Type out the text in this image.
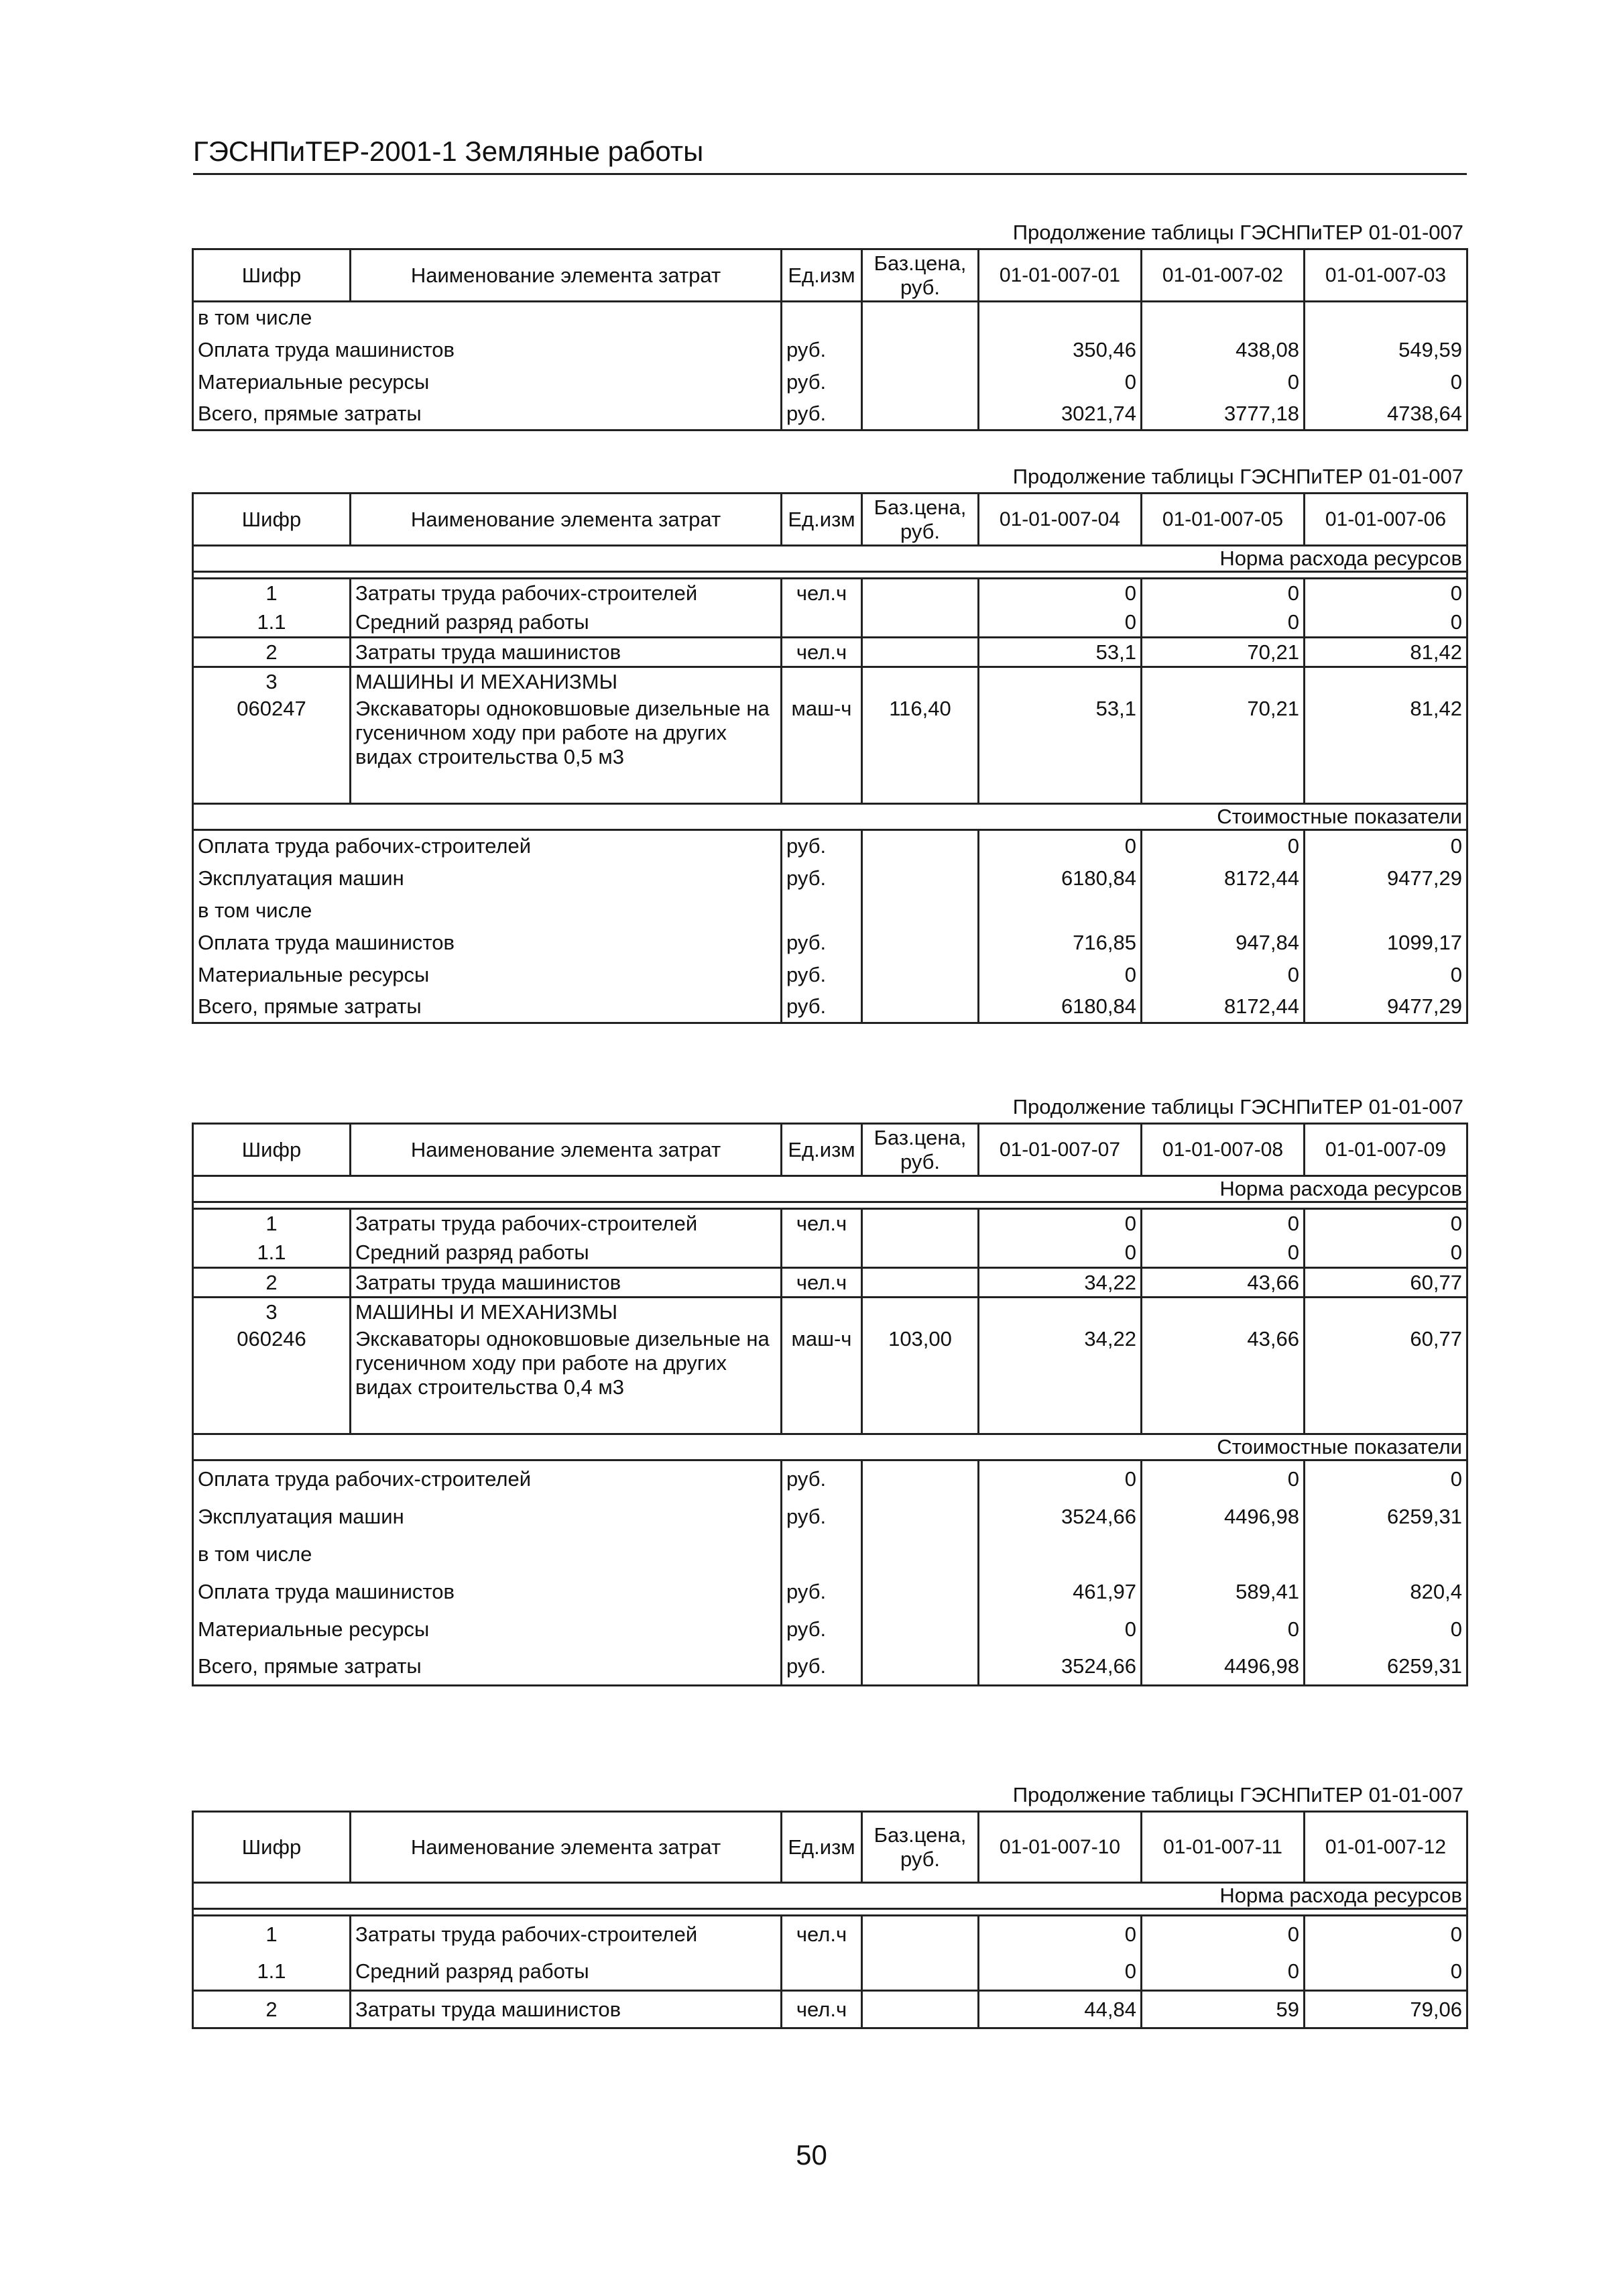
ГЭСНПиТЕР-2001-1 Земляные работы
Продолжение таблицы ГЭСНПиТЕР 01-01-007
Шифр	Наименование элемента затрат	Ед.изм	Баз.цена, руб.	01-01-007-01	01-01-007-02	01-01-007-03
в том числе						
Оплата труда машинистов		руб.		350,46	438,08	549,59
Материальные ресурсы		руб.		0	0	0
Всего, прямые затраты		руб.		3021,74	3777,18	4738,64
Продолжение таблицы ГЭСНПиТЕР 01-01-007
Шифр	Наименование элемента затрат	Ед.изм	Баз.цена, руб.	01-01-007-04	01-01-007-05	01-01-007-06
Норма расхода ресурсов						

1	Затраты труда рабочих-строителей	чел.ч		0	0	0
1.1	Средний разряд работы			0	0	0
2	Затраты труда машинистов	чел.ч		53,1	70,21	81,42
3	МАШИНЫ И МЕХАНИЗМЫ					
060247	Экскаваторы одноковшовые дизельные на гусеничном ходу при работе на других видах строительства 0,5 м3	маш-ч	116,40	53,1	70,21	81,42
Стоимостные показатели						
Оплата труда рабочих-строителей		руб.		0	0	0
Эксплуатация машин		руб.		6180,84	8172,44	9477,29
в том числе						
Оплата труда машинистов		руб.		716,85	947,84	1099,17
Материальные ресурсы		руб.		0	0	0
Всего, прямые затраты		руб.		6180,84	8172,44	9477,29
Продолжение таблицы ГЭСНПиТЕР 01-01-007
Шифр	Наименование элемента затрат	Ед.изм	Баз.цена, руб.	01-01-007-07	01-01-007-08	01-01-007-09
Норма расхода ресурсов						

1	Затраты труда рабочих-строителей	чел.ч		0	0	0
1.1	Средний разряд работы			0	0	0
2	Затраты труда машинистов	чел.ч		34,22	43,66	60,77
3	МАШИНЫ И МЕХАНИЗМЫ					
060246	Экскаваторы одноковшовые дизельные на гусеничном ходу при работе на других видах строительства 0,4 м3	маш-ч	103,00	34,22	43,66	60,77
Стоимостные показатели						
Оплата труда рабочих-строителей		руб.		0	0	0
Эксплуатация машин		руб.		3524,66	4496,98	6259,31
в том числе						
Оплата труда машинистов		руб.		461,97	589,41	820,4
Материальные ресурсы		руб.		0	0	0
Всего, прямые затраты		руб.		3524,66	4496,98	6259,31
Продолжение таблицы ГЭСНПиТЕР 01-01-007
Шифр	Наименование элемента затрат	Ед.изм	Баз.цена, руб.	01-01-007-10	01-01-007-11	01-01-007-12
Норма расхода ресурсов						

1	Затраты труда рабочих-строителей	чел.ч		0	0	0
1.1	Средний разряд работы			0	0	0
2	Затраты труда машинистов	чел.ч		44,84	59	79,06
50
